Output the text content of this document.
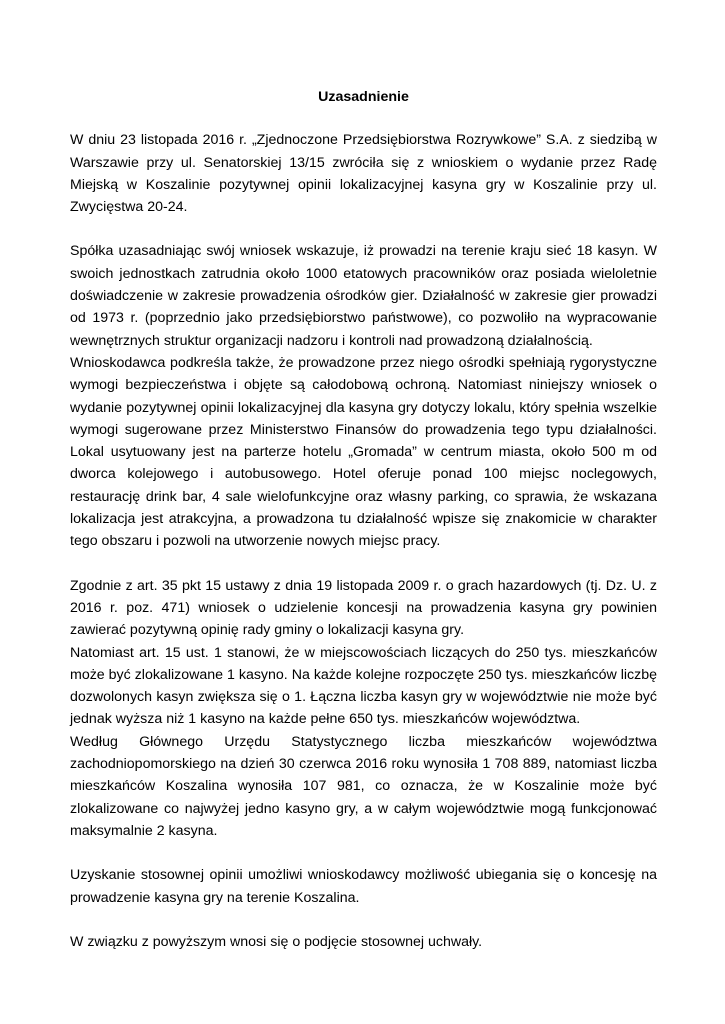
Uzasadnienie

W dniu 23 listopada 2016 r. „Zjednoczone Przedsiębiorstwa Rozrywkowe” S.A. z siedzibą w Warszawie przy ul. Senatorskiej 13/15 zwróciła się z wnioskiem o wydanie przez Radę Miejską w Koszalinie pozytywnej opinii lokalizacyjnej kasyna gry w Koszalinie przy ul. Zwycięstwa 20-24.

Spółka uzasadniając swój wniosek wskazuje, iż prowadzi na terenie kraju sieć 18 kasyn. W swoich jednostkach zatrudnia około 1000 etatowych pracowników oraz posiada wieloletnie doświadczenie w zakresie prowadzenia ośrodków gier. Działalność w zakresie gier prowadzi od 1973 r. (poprzednio jako przedsiębiorstwo państwowe), co pozwoliło na wypracowanie wewnętrznych struktur organizacji nadzoru i kontroli nad prowadzoną działalnością.

Wnioskodawca podkreśla także, że prowadzone przez niego ośrodki spełniają rygorystyczne wymogi bezpieczeństwa i objęte są całodobową ochroną. Natomiast niniejszy wniosek o wydanie pozytywnej opinii lokalizacyjnej dla kasyna gry dotyczy lokalu, który spełnia wszelkie wymogi sugerowane przez Ministerstwo Finansów do prowadzenia tego typu działalności. Lokal usytuowany jest na parterze hotelu „Gromada” w centrum miasta, około 500 m od dworca kolejowego i autobusowego. Hotel oferuje ponad 100 miejsc noclegowych, restaurację drink bar, 4 sale wielofunkcyjne oraz własny parking, co sprawia, że wskazana lokalizacja jest atrakcyjna, a prowadzona tu działalność wpisze się znakomicie w charakter tego obszaru i pozwoli na utworzenie nowych miejsc pracy.

Zgodnie z art. 35 pkt 15 ustawy z dnia 19 listopada 2009 r. o grach hazardowych (tj. Dz. U. z 2016 r. poz. 471) wniosek o udzielenie koncesji na prowadzenia kasyna gry powinien zawierać pozytywną opinię rady gminy o lokalizacji kasyna gry.

Natomiast art. 15 ust. 1 stanowi, że w miejscowościach liczących do 250 tys. mieszkańców może być zlokalizowane 1 kasyno. Na każde kolejne rozpoczęte 250 tys. mieszkańców liczbę dozwolonych kasyn zwiększa się o 1. Łączna liczba kasyn gry w województwie nie może być jednak wyższa niż 1 kasyno na każde pełne 650 tys. mieszkańców województwa.

Według Głównego Urzędu Statystycznego liczba mieszkańców województwa zachodniopomorskiego na dzień 30 czerwca 2016 roku wynosiła 1 708 889, natomiast liczba mieszkańców Koszalina wynosiła 107 981, co oznacza, że w Koszalinie może być zlokalizowane co najwyżej jedno kasyno gry, a w całym województwie mogą funkcjonować maksymalnie 2 kasyna.

Uzyskanie stosownej opinii umożliwi wnioskodawcy możliwość ubiegania się o koncesję na prowadzenie kasyna gry na terenie Koszalina.

W związku z powyższym wnosi się o podjęcie stosownej uchwały.
